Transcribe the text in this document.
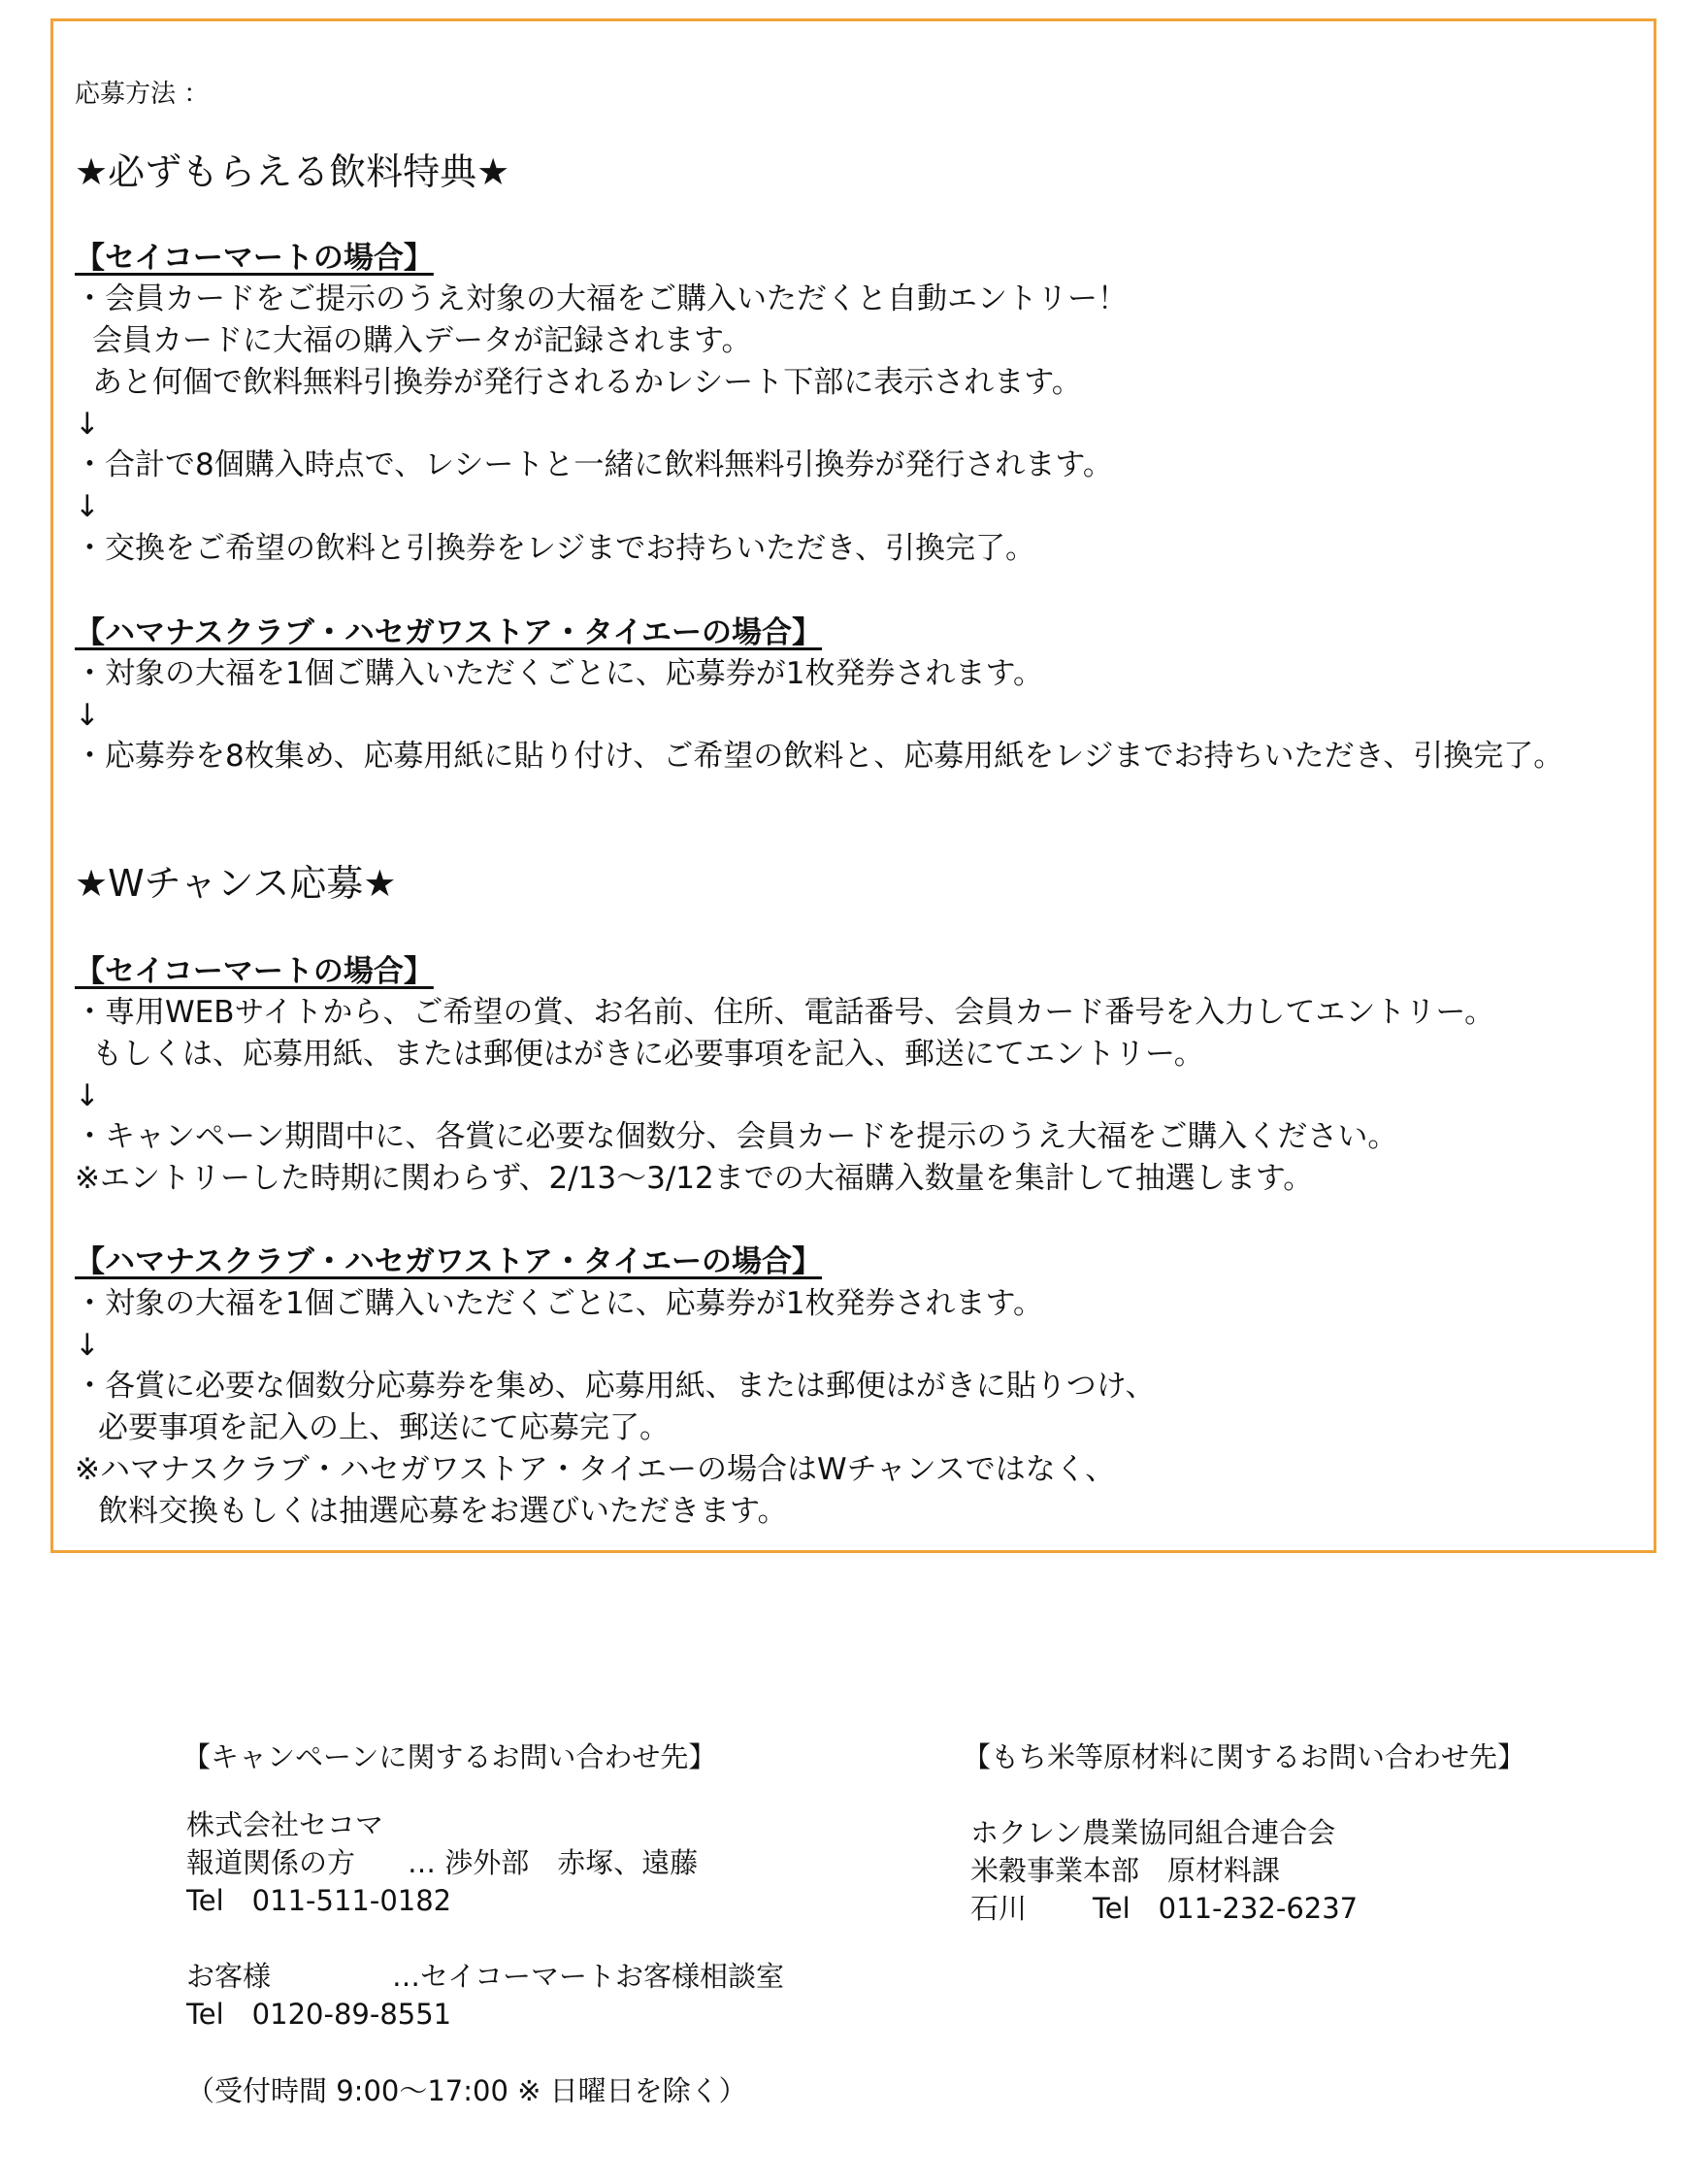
応募方法 ：
★必ずもらえる飲料特典★
【セイコーマートの場合】
・会員カードをご提示のうえ対象の大福をご購入いただくと自動エントリー！
会員カードに大福の購入データが記録されます。
あと何個で飲料無料引換券が発行されるかレシート下部に表示されます。
↓
・合計で8個購入時点で、レシートと一緒に飲料無料引換券が発行されます。
↓
・交換をご希望の飲料と引換券をレジまでお持ちいただき、引換完了。
【ハマナスクラブ・ハセガワストア・タイエーの場合】
・対象の大福を1個ご購入いただくごとに、応募券が1枚発券されます。
↓
・応募券を8枚集め、応募用紙に貼り付け、ご希望の飲料と、応募用紙をレジまでお持ちいただき、引換完了。
★Wチャンス応募★
【セイコーマートの場合】
・専用WEBサイトから、ご希望の賞、お名前、住所、電話番号、会員カード番号を入力してエントリー。
もしくは、応募用紙、または郵便はがきに必要事項を記入、郵送にてエントリー。
↓
・キャンペーン期間中に、各賞に必要な個数分、会員カードを提示のうえ大福をご購入ください。
※エントリーした時期に関わらず、2/13～3/12までの大福購入数量を集計して抽選します。
【ハマナスクラブ・ハセガワストア・タイエーの場合】
・対象の大福を1個ご購入いただくごとに、応募券が1枚発券されます。
↓
・各賞に必要な個数分応募券を集め、応募用紙、または郵便はがきに貼りつけ、
必要事項を記入の上、郵送にて応募完了。
※ハマナスクラブ・ハセガワストア・タイエーの場合はWチャンスではなく、
飲料交換もしくは抽選応募をお選びいただきます。
【キャンペーンに関するお問い合わせ先】
株式会社セコマ
報道関係の方 … 渉外部　赤塚、遠藤
Tel　011-511-0182
お客様	…セイコーマートお客様相談室
Tel　0120-89-8551
（受付時間 9:00～17:00 ※ 日曜日を除く）
【もち米等原材料に関するお問い合わせ先】
ホクレン農業協同組合連合会
米穀事業本部　原材料課
石川 Tel　011-232-6237
